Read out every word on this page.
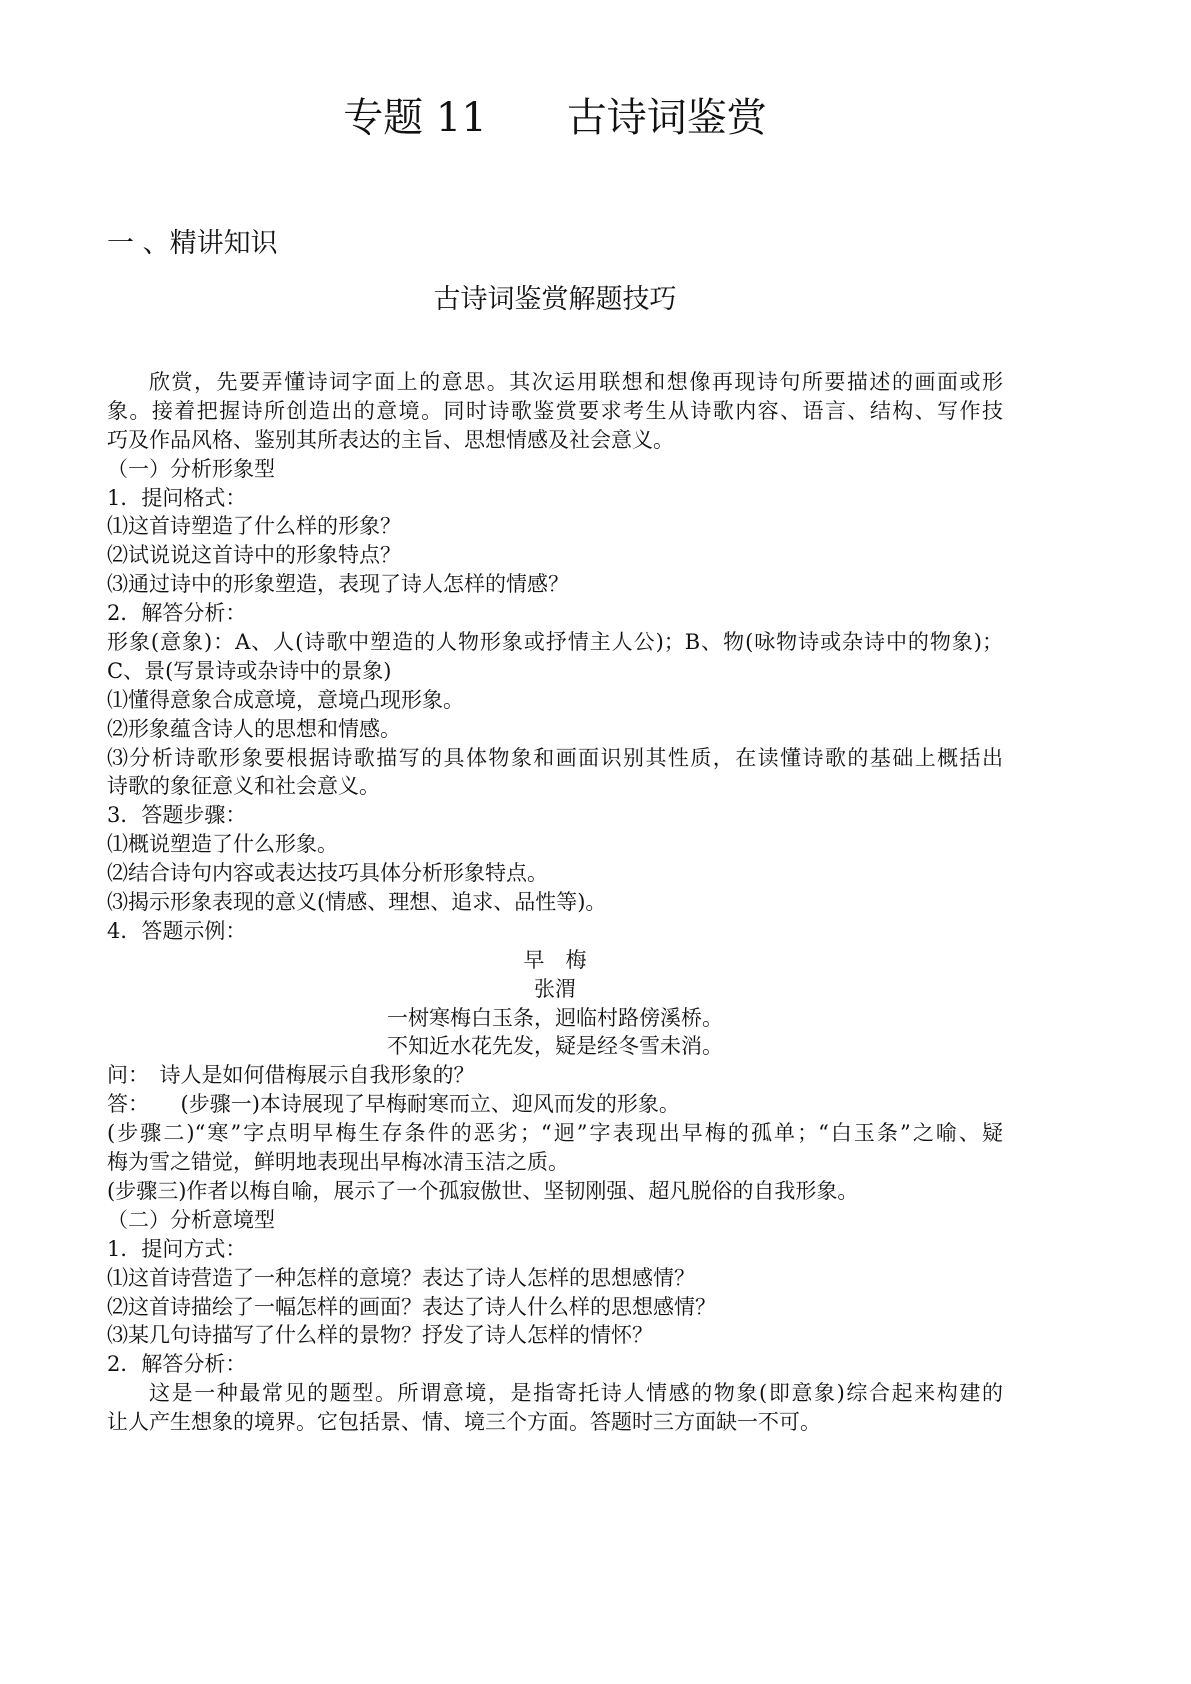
专题 11　　古诗词鉴赏
一 、精讲知识
古诗词鉴赏解题技巧
欣赏，先要弄懂诗词字面上的意思。其次运用联想和想像再现诗句所要描述的画面或形
象。接着把握诗所创造出的意境。同时诗歌鉴赏要求考生从诗歌内容、语言、结构、写作技
巧及作品风格、鉴别其所表达的主旨、思想情感及社会意义。
（一）分析形象型
1．提问格式：
⑴这首诗塑造了什么样的形象？
⑵试说说这首诗中的形象特点？
⑶通过诗中的形象塑造，表现了诗人怎样的情感？
2．解答分析：
形象(意象)：A、人(诗歌中塑造的人物形象或抒情主人公)；B、物(咏物诗或杂诗中的物象)；
C、景(写景诗或杂诗中的景象)
⑴懂得意象合成意境，意境凸现形象。
⑵形象蕴含诗人的思想和情感。
⑶分析诗歌形象要根据诗歌描写的具体物象和画面识别其性质，在读懂诗歌的基础上概括出
诗歌的象征意义和社会意义。
3．答题步骤：
⑴概说塑造了什么形象。
⑵结合诗句内容或表达技巧具体分析形象特点。
⑶揭示形象表现的意义(情感、理想、追求、品性等)。
4．答题示例：
早　梅
张渭
一树寒梅白玉条，迥临村路傍溪桥。
不知近水花先发，疑是经冬雪未消。
问：　诗人是如何借梅展示自我形象的？
答：　　(步骤一)本诗展现了早梅耐寒而立、迎风而发的形象。
(步骤二)“寒”字点明早梅生存条件的恶劣；“迥”字表现出早梅的孤单；“白玉条”之喻、疑
梅为雪之错觉，鲜明地表现出早梅冰清玉洁之质。
(步骤三)作者以梅自喻，展示了一个孤寂傲世、坚韧刚强、超凡脱俗的自我形象。
（二）分析意境型
1．提问方式：
⑴这首诗营造了一种怎样的意境？表达了诗人怎样的思想感情？
⑵这首诗描绘了一幅怎样的画面？表达了诗人什么样的思想感情？
⑶某几句诗描写了什么样的景物？抒发了诗人怎样的情怀？
2．解答分析：
这是一种最常见的题型。所谓意境，是指寄托诗人情感的物象(即意象)综合起来构建的
让人产生想象的境界。它包括景、情、境三个方面。答题时三方面缺一不可。
